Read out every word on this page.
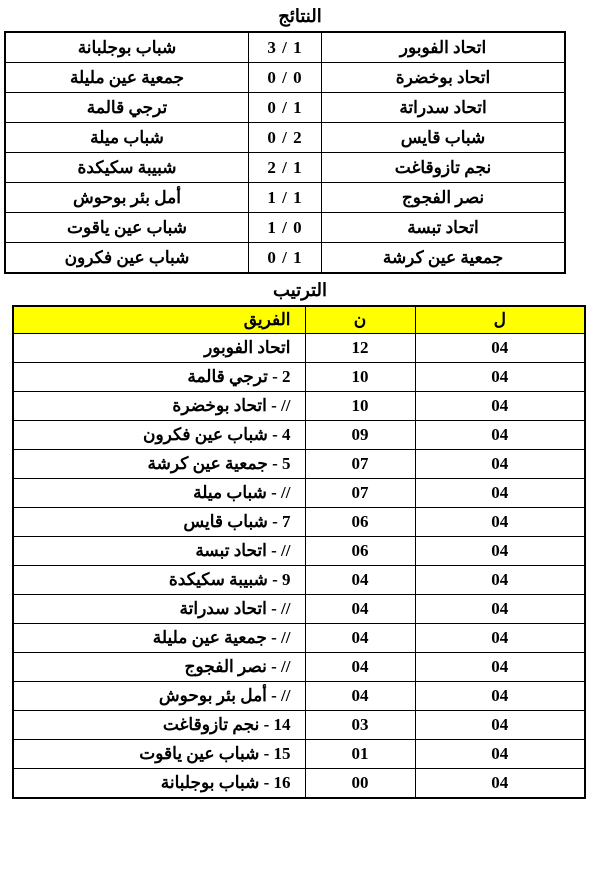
النتائج
اتحاد الفوبور	1 / 3	شباب بوجلبانة
اتحاد بوخضرة	0 / 0	جمعية عين مليلة
اتحاد سدراتة	1 / 0	ترجي قالمة
شباب قايس	2 / 0	شباب ميلة
نجم تازوقاغت	1 / 2	شبيبة سكيكدة
نصر الفجوج	1 / 1	أمل بئر بوحوش
اتحاد تبسة	0 / 1	شباب عين ياقوت
جمعية عين كرشة	1 / 0	شباب عين فكرون
الترتيب
ل	ن	الفريق
04	12	اتحاد الفوبور
04	10	2 - ترجي قالمة
04	10	// - اتحاد بوخضرة
04	09	4 - شباب عين فكرون
04	07	5 - جمعية عين كرشة
04	07	// - شباب ميلة
04	06	7 - شباب قايس
04	06	// - اتحاد تبسة
04	04	9 - شبيبة سكيكدة
04	04	// - اتحاد سدراتة
04	04	// - جمعية عين مليلة
04	04	// - نصر الفجوج
04	04	// - أمل بئر بوحوش
04	03	14 - نجم تازوقاغت
04	01	15 - شباب عين ياقوت
04	00	16 - شباب بوجلبانة
